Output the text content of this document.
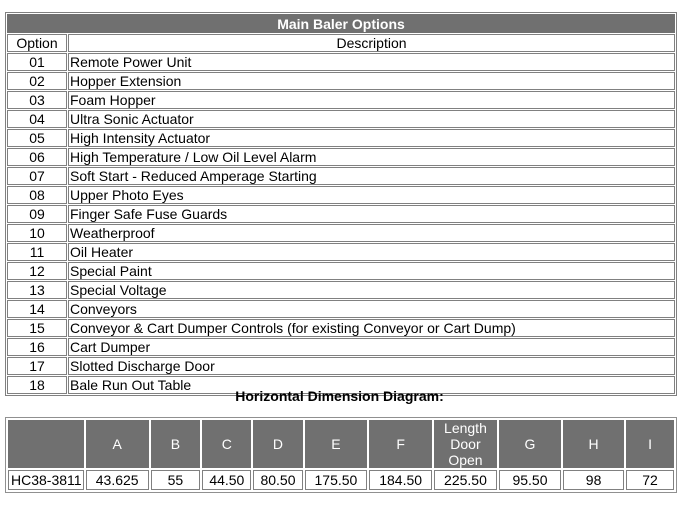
Main Baler Options	
Option	Description
01	Remote Power Unit
02	Hopper Extension
03	Foam Hopper
04	Ultra Sonic Actuator
05	High Intensity Actuator
06	High Temperature / Low Oil Level Alarm
07	Soft Start - Reduced Amperage Starting
08	Upper Photo Eyes
09	Finger Safe Fuse Guards
10	Weatherproof
11	Oil Heater
12	Special Paint
13	Special Voltage
14	Conveyors
15	Conveyor & Cart Dumper Controls (for existing Conveyor or Cart Dump)
16	Cart Dumper
17	Slotted Discharge Door
18	Bale Run Out Table
Horizontal Dimension Diagram:
	A	B	C	D	E	F	Length Door Open	G	H	I
HC38-3811	43.625	55	44.50	80.50	175.50	184.50	225.50	95.50	98	72
